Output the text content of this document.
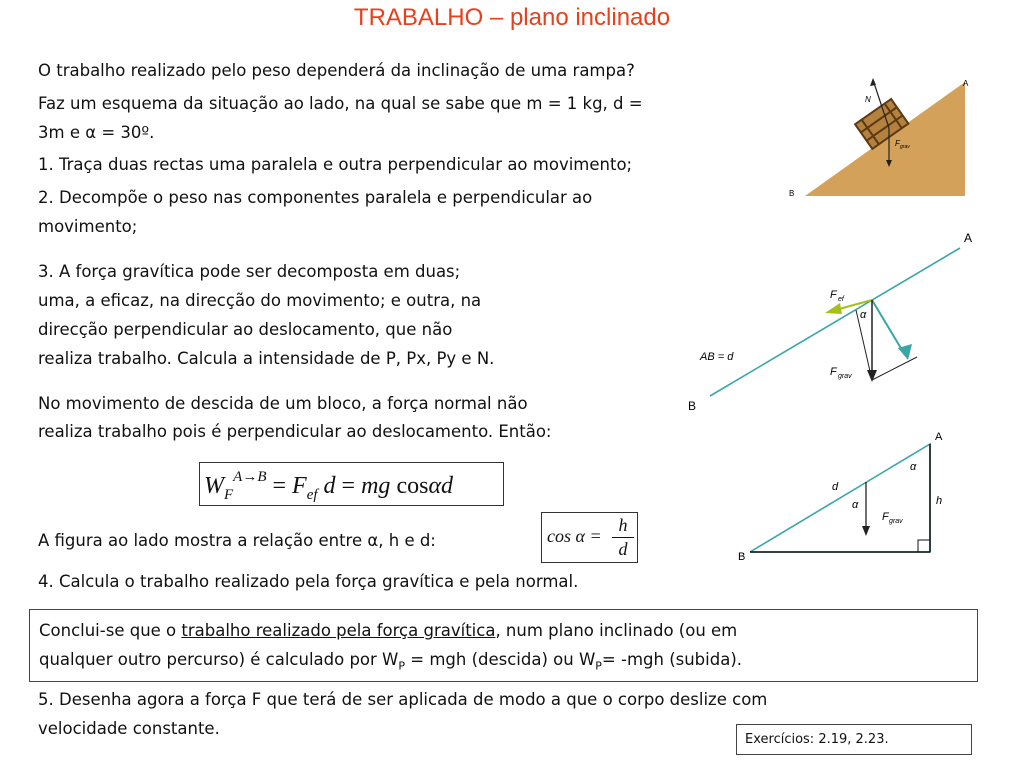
TRABALHO – plano inclinado
O trabalho realizado pelo peso dependerá da inclinação de uma rampa?
Faz um esquema da situação ao lado, na qual se sabe que m = 1 kg, d =
3m e α = 30º.
1. Traça duas rectas uma paralela e outra perpendicular ao movimento;
2. Decompõe o peso nas componentes paralela e perpendicular ao
movimento;
3. A força gravítica pode ser decomposta em duas;
uma, a eficaz, na direcção do movimento; e outra, na
direcção perpendicular ao deslocamento, que não
realiza trabalho. Calcula a intensidade de P, Px, Py e N.
No movimento de descida de um bloco, a força normal não
realiza trabalho pois é perpendicular ao deslocamento. Então:
$W_F^{A\to B} = F_{ef}$ d = mg cosαd
A figura ao lado mostra a relação entre α, h e d:	cos α =
h
d
4. Calcula o trabalho realizado pela força gravítica e pela normal.
Conclui-se que o trabalho realizado pela força gravítica, num plano inclinado (ou em
qualquer outro percurso) é calculado por $W_P$ = mgh (descida) ou $W_P= -mgh$ (subida).
5. Desenha agora a força F que terá de ser aplicada de modo a que o corpo deslize com
velocidade constante.
Exercícios: 2.19, 2.23.
N
F grav
A
B
α
F ef
F grav
AB = d
A
B
A
B
d
h
α
α
F grav
